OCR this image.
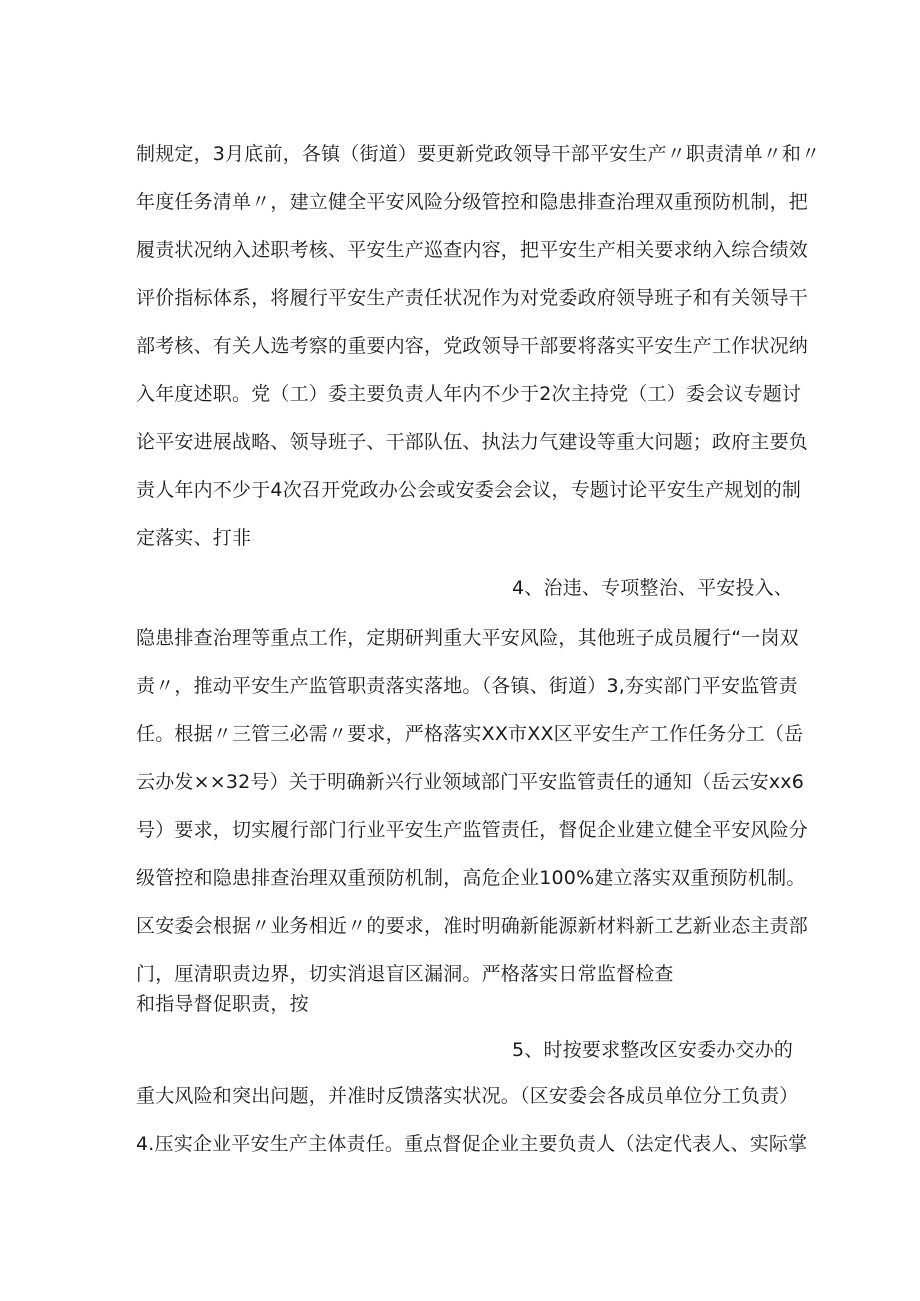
制规定，3月底前，各镇（街道）要更新党政领导干部平安生产〃职责清单〃和〃
年度任务清单〃，建立健全平安风险分级管控和隐患排查治理双重预防机制，把
履责状况纳入述职考核、平安生产巡查内容，把平安生产相关要求纳入综合绩效
评价指标体系，将履行平安生产责任状况作为对党委政府领导班子和有关领导干
部考核、有关人选考察的重要内容，党政领导干部要将落实平安生产工作状况纳
入年度述职。党（工）委主要负责人年内不少于2次主持党（工）委会议专题讨
论平安进展战略、领导班子、干部队伍、执法力气建设等重大问题；政府主要负
责人年内不少于4次召开党政办公会或安委会会议，专题讨论平安生产规划的制
定落实、打非
4、治违、专项整治、平安投入、
隐患排查治理等重点工作，定期研判重大平安风险，其他班子成员履行“一岗双
责〃，推动平安生产监管职责落实落地。（各镇、街道）3,夯实部门平安监管责
任。根据〃三管三必需〃要求，严格落实XX市XX区平安生产工作任务分工（岳
云办发××32号）关于明确新兴行业领域部门平安监管责任的通知（岳云安xx6
号）要求，切实履行部门行业平安生产监管责任，督促企业建立健全平安风险分
级管控和隐患排查治理双重预防机制，高危企业100%建立落实双重预防机制。
区安委会根据〃业务相近〃的要求，准时明确新能源新材料新工艺新业态主责部
门，厘清职责边界，切实消退盲区漏洞。严格落实日常监督检查
和指导督促职责，按
5、时按要求整改区安委办交办的
重大风险和突出问题，并准时反馈落实状况。（区安委会各成员单位分工负责）
4.压实企业平安生产主体责任。重点督促企业主要负责人（法定代表人、实际掌
